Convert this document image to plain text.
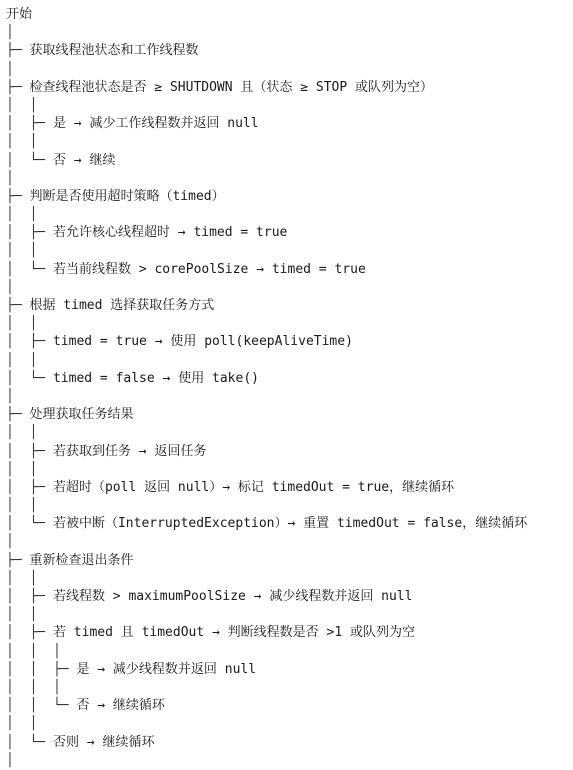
开始
│
├─ 获取线程池状态和工作线程数
│
├─ 检查线程池状态是否 ≥ SHUTDOWN 且（状态 ≥ STOP 或队列为空）
│  │
│  ├─ 是 → 减少工作线程数并返回 null
│  │
│  └─ 否 → 继续
│
├─ 判断是否使用超时策略（timed）
│  │
│  ├─ 若允许核心线程超时 → timed = true
│  │
│  └─ 若当前线程数 > corePoolSize → timed = true
│
├─ 根据 timed 选择获取任务方式
│  │
│  ├─ timed = true → 使用 poll(keepAliveTime)
│  │
│  └─ timed = false → 使用 take()
│
├─ 处理获取任务结果
│  │
│  ├─ 若获取到任务 → 返回任务
│  │
│  ├─ 若超时（poll 返回 null）→ 标记 timedOut = true，继续循环
│  │
│  └─ 若被中断（InterruptedException）→ 重置 timedOut = false，继续循环
│
├─ 重新检查退出条件
│  │
│  ├─ 若线程数 > maximumPoolSize → 减少线程数并返回 null
│  │
│  ├─ 若 timed 且 timedOut → 判断线程数是否 >1 或队列为空
│  │  │
│  │  ├─ 是 → 减少线程数并返回 null
│  │  │
│  │  └─ 否 → 继续循环
│  │
│  └─ 否则 → 继续循环
│
